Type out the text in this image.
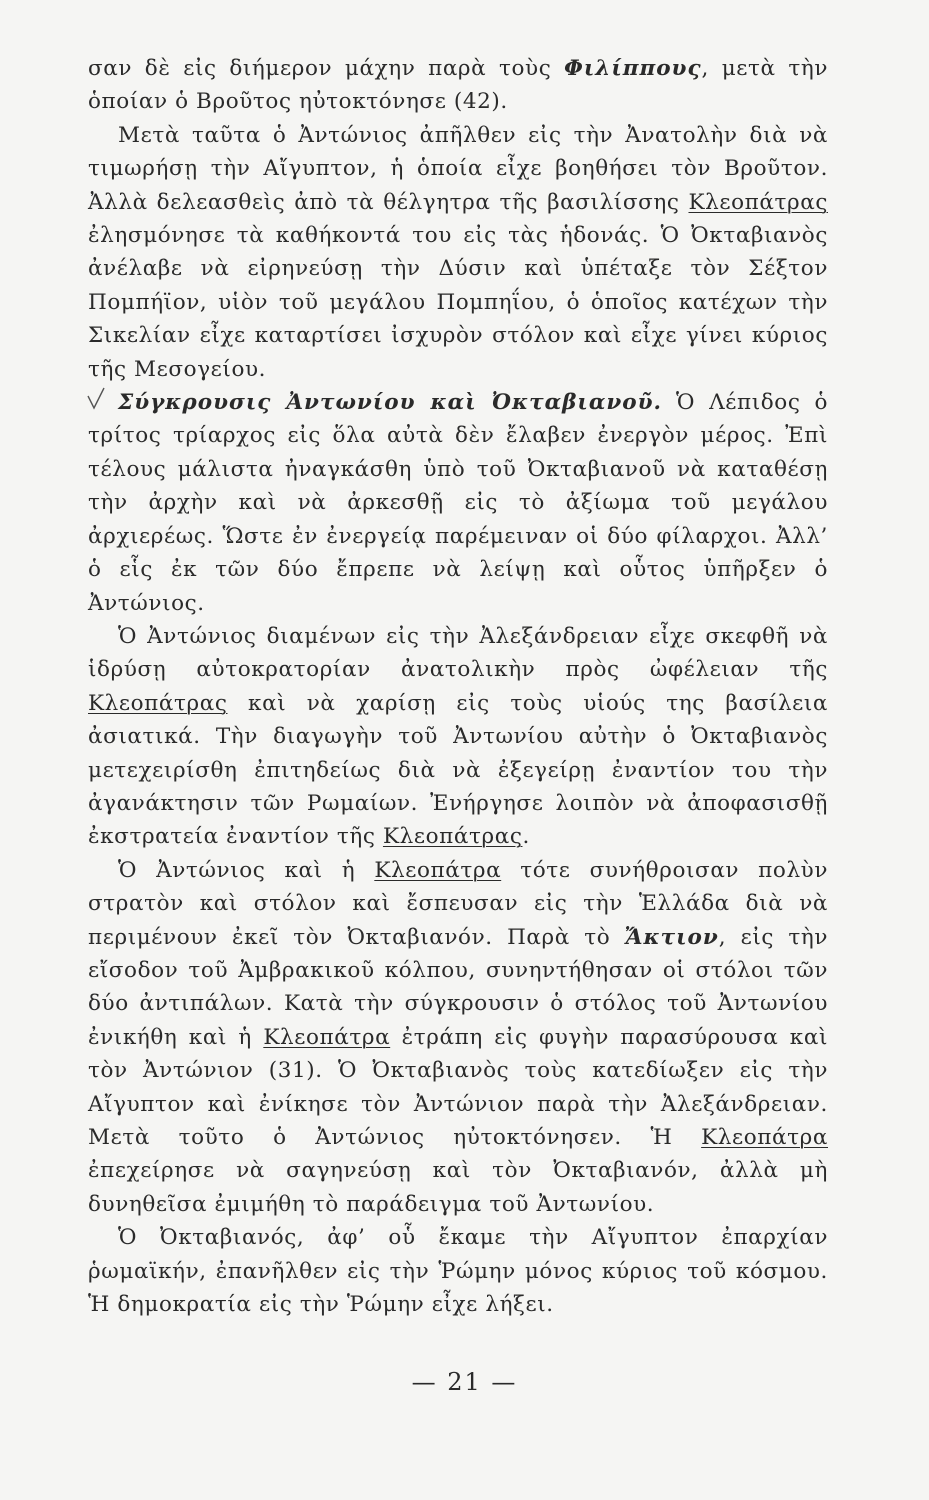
σαν δὲ εἰς διήμερον μάχην παρὰ τοὺς Φιλίππους, μετὰ τὴν ὁποίαν ὁ Βροῦτος ηὐτοκτόνησε (42).

Μετὰ ταῦτα ὁ Ἀντώνιος ἀπῆλθεν εἰς τὴν Ἀνατολὴν διὰ νὰ τιμωρήσῃ τὴν Αἴγυπτον, ἡ ὁποία εἶχε βοηθήσει τὸν Βροῦτον. Ἀλλὰ δελεασθεὶς ἀπὸ τὰ θέλγητρα τῆς βασιλίσσης Κλεοπάτρας ἐλησμόνησε τὰ καθήκοντά του εἰς τὰς ἡδονάς. Ὁ Ὀκταβιανὸς ἀνέλαβε νὰ εἰρηνεύσῃ τὴν Δύσιν καὶ ὑπέταξε τὸν Σέξτον Πομπήϊον, υἱὸν τοῦ μεγάλου Πομπηΐου, ὁ ὁποῖος κατέχων τὴν Σικελίαν εἶχε καταρτίσει ἰσχυρὸν στόλον καὶ εἶχε γίνει κύριος τῆς Μεσογείου.

Σύγκρουσις Ἀντωνίου καὶ Ὀκταβιανοῦ. Ὁ Λέπιδος ὁ τρίτος τρίαρχος εἰς ὅλα αὐτὰ δὲν ἔλαβεν ἐνεργὸν μέρος. Ἐπὶ τέλους μάλιστα ἠναγκάσθη ὑπὸ τοῦ Ὀκταβιανοῦ νὰ καταθέσῃ τὴν ἀρχὴν καὶ νὰ ἀρκεσθῇ εἰς τὸ ἀξίωμα τοῦ μεγάλου ἀρχιερέως. Ὥστε ἐν ἐνεργείᾳ παρέμειναν οἱ δύο φίλαρχοι. Ἀλλ’ ὁ εἷς ἐκ τῶν δύο ἔπρεπε νὰ λείψῃ καὶ οὗτος ὑπῆρξεν ὁ Ἀντώνιος.

Ὁ Ἀντώνιος διαμένων εἰς τὴν Ἀλεξάνδρειαν εἶχε σκεφθῆ νὰ ἱδρύσῃ αὐτοκρατορίαν ἀνατολικὴν πρὸς ὠφέλειαν τῆς Κλεοπάτρας καὶ νὰ χαρίσῃ εἰς τοὺς υἱούς της βασίλεια ἀσιατικά. Τὴν διαγωγὴν τοῦ Ἀντωνίου αὐτὴν ὁ Ὀκταβιανὸς μετεχειρίσθη ἐπιτηδείως διὰ νὰ ἐξεγείρῃ ἐναντίον του τὴν ἀγανάκτησιν τῶν Ρωμαίων. Ἐνήργησε λοιπὸν νὰ ἀποφασισθῇ ἐκστρατεία ἐναντίον τῆς Κλεοπάτρας.

Ὁ Ἀντώνιος καὶ ἡ Κλεοπάτρα τότε συνήθροισαν πολὺν στρατὸν καὶ στόλον καὶ ἔσπευσαν εἰς τὴν Ἑλλάδα διὰ νὰ περιμένουν ἐκεῖ τὸν Ὀκταβιανόν. Παρὰ τὸ Ἄκτιον, εἰς τὴν εἴσοδον τοῦ Ἀμβρακικοῦ κόλπου, συνηντήθησαν οἱ στόλοι τῶν δύο ἀντιπάλων. Κατὰ τὴν σύγκρουσιν ὁ στόλος τοῦ Ἀντωνίου ἐνικήθη καὶ ἡ Κλεοπάτρα ἐτράπη εἰς φυγὴν παρασύρουσα καὶ τὸν Ἀντώνιον (31). Ὁ Ὀκταβιανὸς τοὺς κατεδίωξεν εἰς τὴν Αἴγυπτον καὶ ἐνίκησε τὸν Ἀντώνιον παρὰ τὴν Ἀλεξάνδρειαν. Μετὰ τοῦτο ὁ Ἀντώνιος ηὐτοκτόνησεν. Ἡ Κλεοπάτρα ἐπεχείρησε νὰ σαγηνεύσῃ καὶ τὸν Ὀκταβιανόν, ἀλλὰ μὴ δυνηθεῖσα ἐμιμήθη τὸ παράδειγμα τοῦ Ἀντωνίου.

Ὁ Ὀκταβιανός, ἀφ’ οὗ ἔκαμε τὴν Αἴγυπτον ἐπαρχίαν ῥωμαϊκήν, ἐπανῆλθεν εἰς τὴν Ῥώμην μόνος κύριος τοῦ κόσμου. Ἡ δημοκρατία εἰς τὴν Ῥώμην εἶχε λήξει.

— 21 —
